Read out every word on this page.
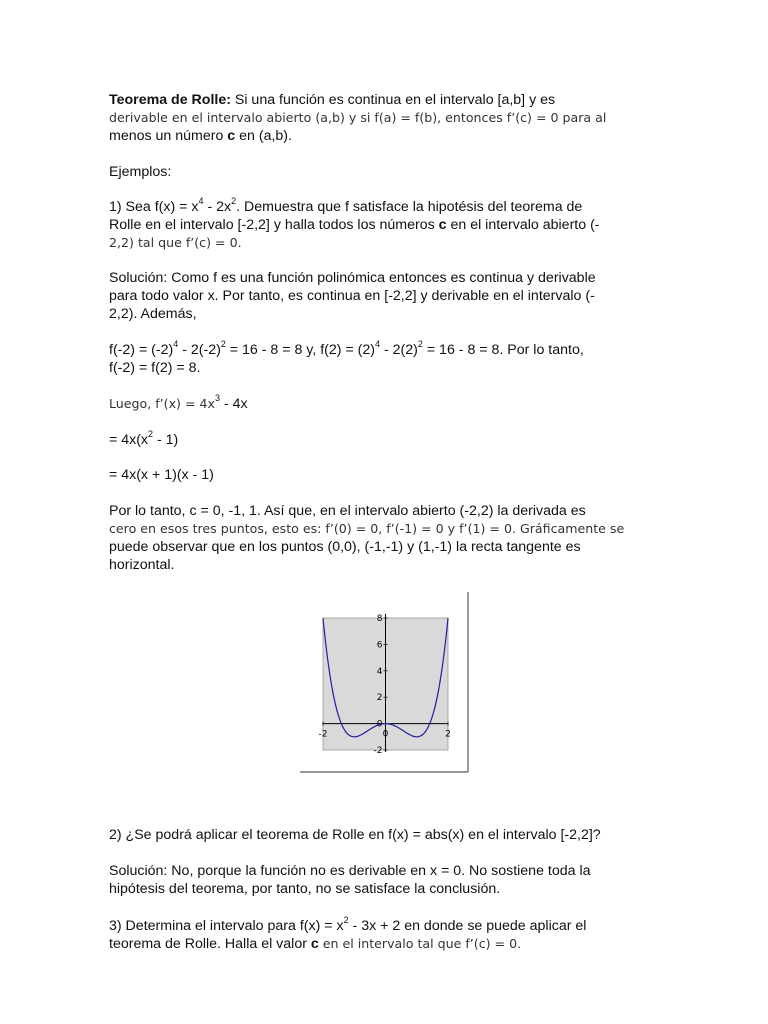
Teorema de Rolle: Si una función es continua en el intervalo [a,b] y es

derivable en el intervalo abierto (a,b) y si f(a) = f(b), entonces f’(c) = 0 para al

menos un número c en (a,b).

Ejemplos:

1) Sea $f(x) = x^4 - 2x^2$. Demuestra que f satisface la hipotésis del teorema de

Rolle en el intervalo [-2,2] y halla todos los números c en el intervalo abierto (-

2,2) tal que f’(c) = 0.

Solución: Como f es una función polinómica entonces es continua y derivable

para todo valor x. Por tanto, es continua en [-2,2] y derivable en el intervalo (-

2,2). Además,

$f(-2) = (-2)^4 - 2(-2)^2 = 16 - 8 = 8$ y, $f(2) = (2)^4 - 2(2)^2 = 16 - 8 = 8$. Por lo tanto,

f(-2) = f(2) = 8.

Luego, f’(x) = $4x^3 - 4x$

= $4x(x^2 - 1)$

= 4x(x + 1)(x - 1)

Por lo tanto, c = 0, -1, 1. Así que, en el intervalo abierto (-2,2) la derivada es

cero en esos tres puntos, esto es: f’(0) = 0, f’(-1) = 0 y f’(1) = 0. Gráficamente se

puede observar que en los puntos (0,0), (-1,-1) y (1,-1) la recta tangente es

horizontal.

8
6
4
2
0
-2
-2	0	2

2) ¿Se podrá aplicar el teorema de Rolle en f(x) = abs(x) en el intervalo [-2,2]?

Solución: No, porque la función no es derivable en x = 0. No sostiene toda la

hipótesis del teorema, por tanto, no se satisface la conclusión.

3) Determina el intervalo para $f(x) = x^2 - 3x + 2$ en donde se puede aplicar el

teorema de Rolle. Halla el valor c en el intervalo tal que f’(c) = 0.
